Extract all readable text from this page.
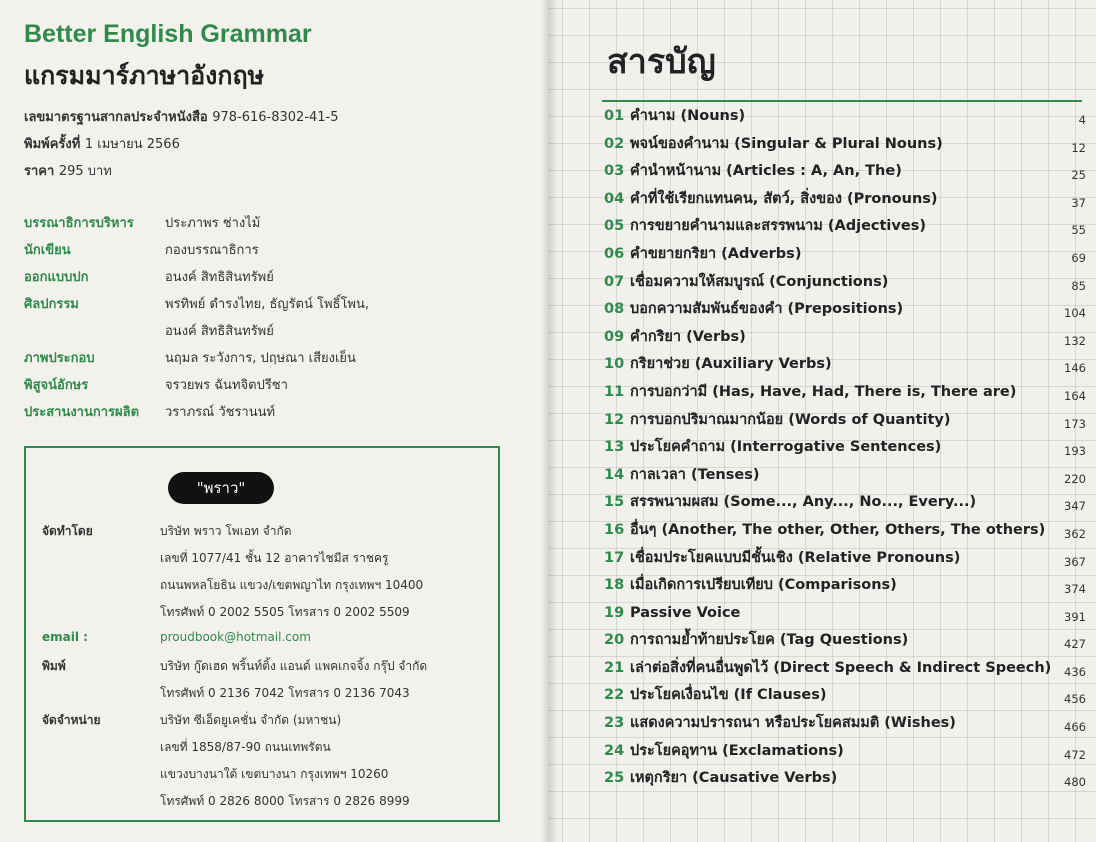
Better English Grammar
แกรมมาร์ภาษาอังกฤษ
เลขมาตรฐานสากลประจำหนังสือ 978-616-8302-41-5
พิมพ์ครั้งที่ 1 เมษายน 2566
ราคา 295 บาท
บรรณาธิการบริหาร	ประภาพร ช่างไม้
นักเขียน	กองบรรณาธิการ
ออกแบบปก	อนงค์ สิทธิสินทรัพย์
ศิลปกรรม	พรทิพย์ ดำรงไทย, ธัญรัตน์ โพธิ์โพน,
อนงค์ สิทธิสินทรัพย์
ภาพประกอบ	นฤมล ระวังการ, ปฤษณา เสียงเย็น
พิสูจน์อักษร	จรวยพร ฉันทจิตปรีชา
ประสานงานการผลิต	วราภรณ์ วัชรานนท์
"พราว"
จัดทำโดย	บริษัท พราว โพเอท จำกัด
เลขที่ 1077/41 ชั้น 12 อาคารไชมีส ราชครู
ถนนพหลโยธิน แขวง/เขตพญาไท กรุงเทพฯ 10400
โทรศัพท์ 0 2002 5505 โทรสาร 0 2002 5509
email :	proudbook@hotmail.com
พิมพ์	บริษัท กู๊ดเฮด พริ้นท์ติ้ง แอนด์ แพคเกจจิ้ง กรุ๊ป จำกัด
โทรศัพท์ 0 2136 7042 โทรสาร 0 2136 7043
จัดจำหน่าย	บริษัท ซีเอ็ดยูเคชั่น จำกัด (มหาชน)
เลขที่ 1858/87-90 ถนนเทพรัตน
แขวงบางนาใต้ เขตบางนา กรุงเทพฯ 10260
โทรศัพท์ 0 2826 8000 โทรสาร 0 2826 8999
สารบัญ
01 คำนาม (Nouns)	4
02 พจน์ของคำนาม (Singular & Plural Nouns)	12
03 คำนำหน้านาม (Articles : A, An, The)	25
04 คำที่ใช้เรียกแทนคน, สัตว์, สิ่งของ (Pronouns)	37
05 การขยายคำนามและสรรพนาม (Adjectives)	55
06 คำขยายกริยา (Adverbs)	69
07 เชื่อมความให้สมบูรณ์ (Conjunctions)	85
08 บอกความสัมพันธ์ของคำ (Prepositions)	104
09 คำกริยา (Verbs)	132
10 กริยาช่วย (Auxiliary Verbs)	146
11 การบอกว่ามี (Has, Have, Had, There is, There are)	164
12 การบอกปริมาณมากน้อย (Words of Quantity)	173
13 ประโยคคำถาม (Interrogative Sentences)	193
14 กาลเวลา (Tenses)	220
15 สรรพนามผสม (Some..., Any..., No..., Every...)	347
16 อื่นๆ (Another, The other, Other, Others, The others) 362
17 เชื่อมประโยคแบบมีชั้นเชิง (Relative Pronouns)	367
18 เมื่อเกิดการเปรียบเทียบ (Comparisons)	374
19 Passive Voice	391
20 การถามย้ำท้ายประโยค (Tag Questions)	427
21 เล่าต่อสิ่งที่คนอื่นพูดไว้ (Direct Speech & Indirect Speech) 436
22 ประโยคเงื่อนไข (If Clauses)	456
23 แสดงความปรารถนา หรือประโยคสมมติ (Wishes)	466
24 ประโยคอุทาน (Exclamations)	472
25 เหตุกริยา (Causative Verbs)	480
